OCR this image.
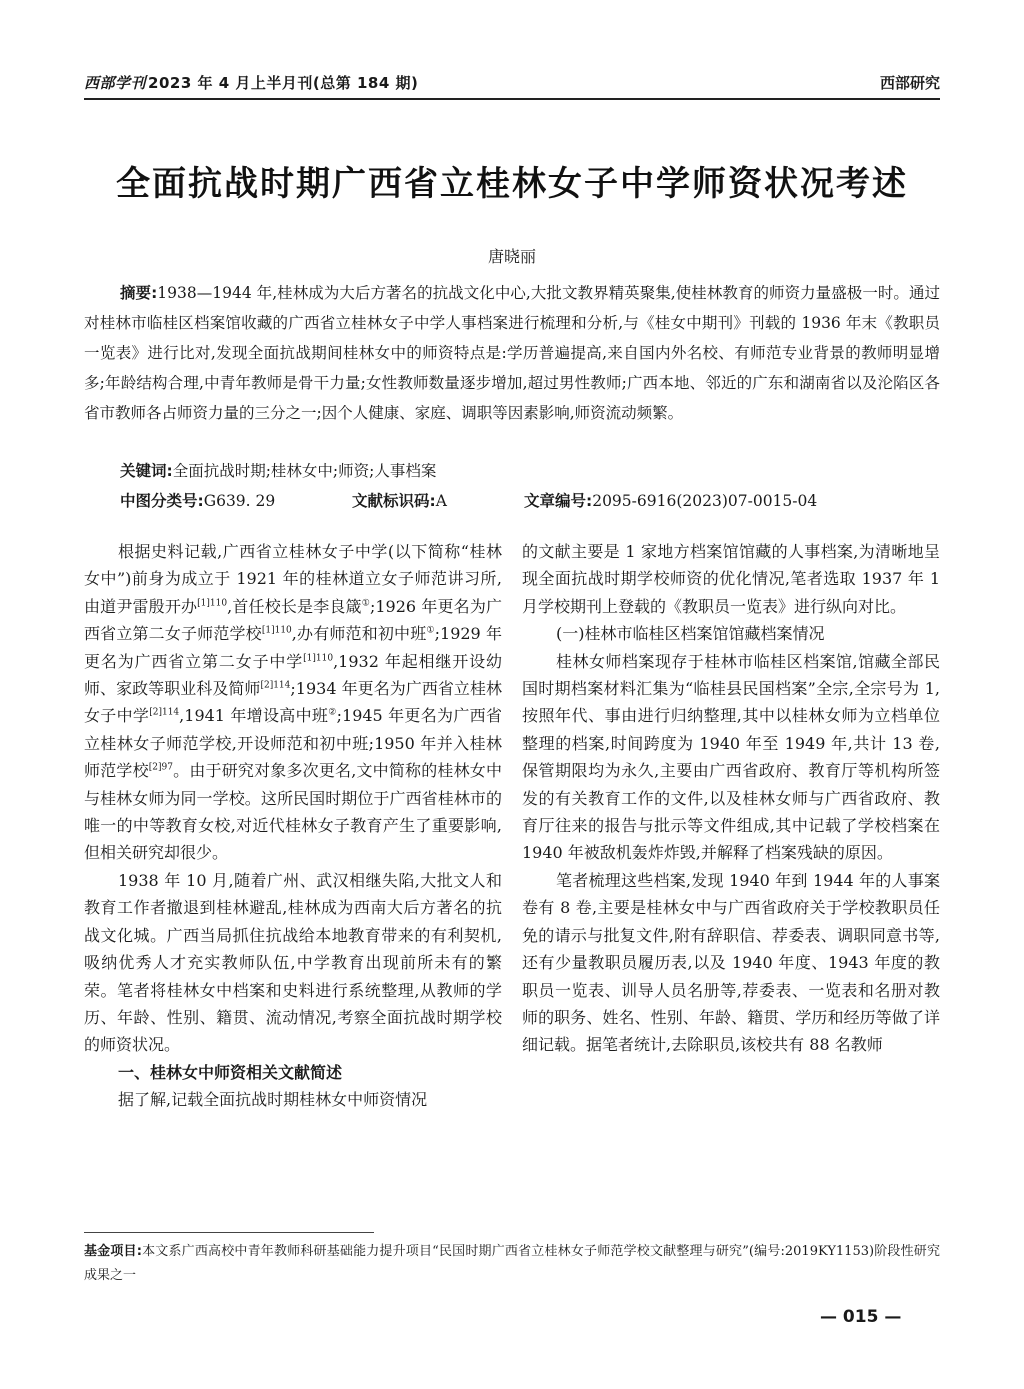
西部学刊 2023 年 4 月上半月刊(总第 184 期)	西部研究
全面抗战时期广西省立桂林女子中学师资状况考述
唐晓丽
摘要:1938—1944 年,桂林成为大后方著名的抗战文化中心,大批文教界精英聚集,使桂林教育的师资力量盛极一时。通过对桂林市临桂区档案馆收藏的广西省立桂林女子中学人事档案进行梳理和分析,与《桂女中期刊》刊载的 1936 年末《教职员一览表》进行比对,发现全面抗战期间桂林女中的师资特点是:学历普遍提高,来自国内外名校、有师范专业背景的教师明显增多;年龄结构合理,中青年教师是骨干力量;女性教师数量逐步增加,超过男性教师;广西本地、邻近的广东和湖南省以及沦陷区各省市教师各占师资力量的三分之一;因个人健康、家庭、调职等因素影响,师资流动频繁。
关键词:全面抗战时期;桂林女中;师资;人事档案
中图分类号:G639. 29	文献标识码:A	文章编号:2095-6916(2023)07-0015-04

根据史料记载,广西省立桂林女子中学(以下简称“桂林女中”)前身为成立于 1921 年的桂林道立女子师范讲习所,由道尹雷殷开办$^{[1]110}$,首任校长是李良箴①;1926 年更名为广西省立第二女子师范学校$^{[1]110}$,办有师范和初中班①;1929 年更名为广西省立第二女子中学$^{[1]110}$,1932 年起相继开设幼师、家政等职业科及简师$^{[2]114}$;1934 年更名为广西省立桂林女子中学$^{[2]114}$,1941 年增设高中班②;1945 年更名为广西省立桂林女子师范学校,开设师范和初中班;1950 年并入桂林师范学校$^{[2]97}$。由于研究对象多次更名,文中简称的桂林女中与桂林女师为同一学校。这所民国时期位于广西省桂林市的唯一的中等教育女校,对近代桂林女子教育产生了重要影响,但相关研究却很少。

1938 年 10 月,随着广州、武汉相继失陷,大批文人和教育工作者撤退到桂林避乱,桂林成为西南大后方著名的抗战文化城。广西当局抓住抗战给本地教育带来的有利契机,吸纳优秀人才充实教师队伍,中学教育出现前所未有的繁荣。笔者将桂林女中档案和史料进行系统整理,从教师的学历、年龄、性别、籍贯、流动情况,考察全面抗战时期学校的师资状况。

一、桂林女中师资相关文献简述

据了解,记载全面抗战时期桂林女中师资情况

的文献主要是 1 家地方档案馆馆藏的人事档案,为清晰地呈现全面抗战时期学校师资的优化情况,笔者选取 1937 年 1 月学校期刊上登载的《教职员一览表》进行纵向对比。

(一)桂林市临桂区档案馆馆藏档案情况

桂林女师档案现存于桂林市临桂区档案馆,馆藏全部民国时期档案材料汇集为“临桂县民国档案”全宗,全宗号为 1,按照年代、事由进行归纳整理,其中以桂林女师为立档单位整理的档案,时间跨度为 1940 年至 1949 年,共计 13 卷,保管期限均为永久,主要由广西省政府、教育厅等机构所签发的有关教育工作的文件,以及桂林女师与广西省政府、教育厅往来的报告与批示等文件组成,其中记载了学校档案在 1940 年被敌机轰炸炸毁,并解释了档案残缺的原因。

笔者梳理这些档案,发现 1940 年到 1944 年的人事案卷有 8 卷,主要是桂林女中与广西省政府关于学校教职员任免的请示与批复文件,附有辞职信、荐委表、调职同意书等,还有少量教职员履历表,以及 1940 年度、1943 年度的教职员一览表、训导人员名册等,荐委表、一览表和名册对教师的职务、姓名、性别、年龄、籍贯、学历和经历等做了详细记载。据笔者统计,去除职员,该校共有 88 名教师

基金项目:本文系广西高校中青年教师科研基础能力提升项目“民国时期广西省立桂林女子师范学校文献整理与研究”(编号:2019KY1153)阶段性研究成果之一
— 015 —
